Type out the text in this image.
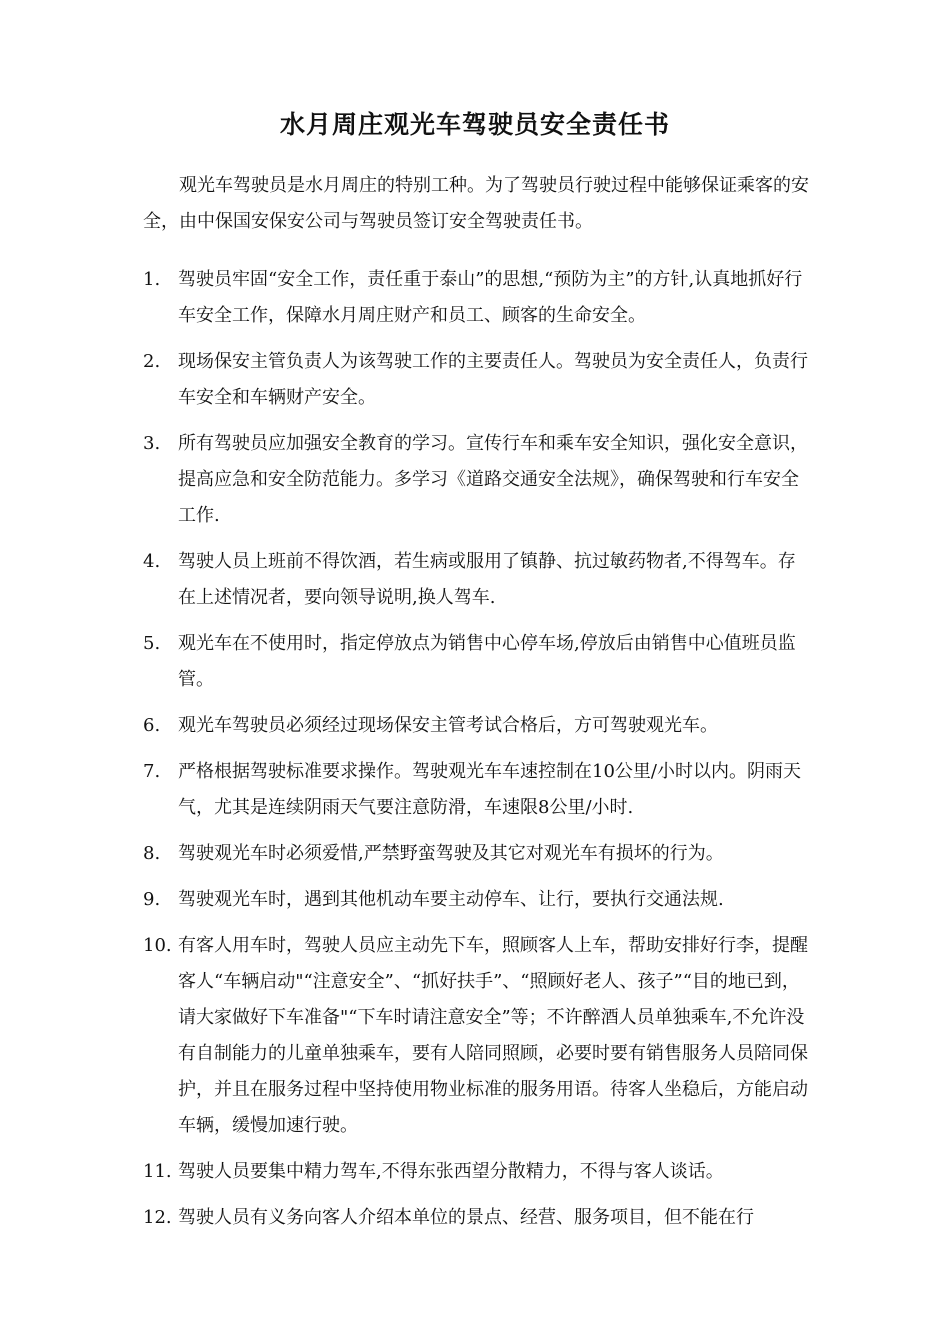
水月周庄观光车驾驶员安全责任书

观光车驾驶员是水月周庄的特别工种。为了驾驶员行驶过程中能够保证乘客的安全，由中保国安保安公司与驾驶员签订安全驾驶责任书。

1. 驾驶员牢固“安全工作，责任重于泰山”的思想,“预防为主”的方针,认真地抓好行车安全工作，保障水月周庄财产和员工、顾客的生命安全。
2. 现场保安主管负责人为该驾驶工作的主要责任人。驾驶员为安全责任人，负责行车安全和车辆财产安全。
3. 所有驾驶员应加强安全教育的学习。宣传行车和乘车安全知识，强化安全意识，提高应急和安全防范能力。多学习《道路交通安全法规》，确保驾驶和行车安全工作.
4. 驾驶人员上班前不得饮酒，若生病或服用了镇静、抗过敏药物者,不得驾车。存在上述情况者，要向领导说明,换人驾车.
5. 观光车在不使用时，指定停放点为销售中心停车场,停放后由销售中心值班员监管。
6. 观光车驾驶员必须经过现场保安主管考试合格后，方可驾驶观光车。
7. 严格根据驾驶标准要求操作。驾驶观光车车速控制在10公里/小时以内。阴雨天气，尤其是连续阴雨天气要注意防滑，车速限8公里/小时.
8. 驾驶观光车时必须爱惜,严禁野蛮驾驶及其它对观光车有损坏的行为。
9. 驾驶观光车时，遇到其他机动车要主动停车、让行，要执行交通法规.
10. 有客人用车时，驾驶人员应主动先下车，照顾客人上车，帮助安排好行李，提醒客人“车辆启动"“注意安全”、“抓好扶手”、“照顾好老人、孩子”“目的地已到，请大家做好下车准备"“下车时请注意安全”等；不许醉酒人员单独乘车,不允许没有自制能力的儿童单独乘车，要有人陪同照顾，必要时要有销售服务人员陪同保护，并且在服务过程中坚持使用物业标准的服务用语。待客人坐稳后，方能启动车辆，缓慢加速行驶。
11. 驾驶人员要集中精力驾车,不得东张西望分散精力，不得与客人谈话。
12. 驾驶人员有义务向客人介绍本单位的景点、经营、服务项目，但不能在行
